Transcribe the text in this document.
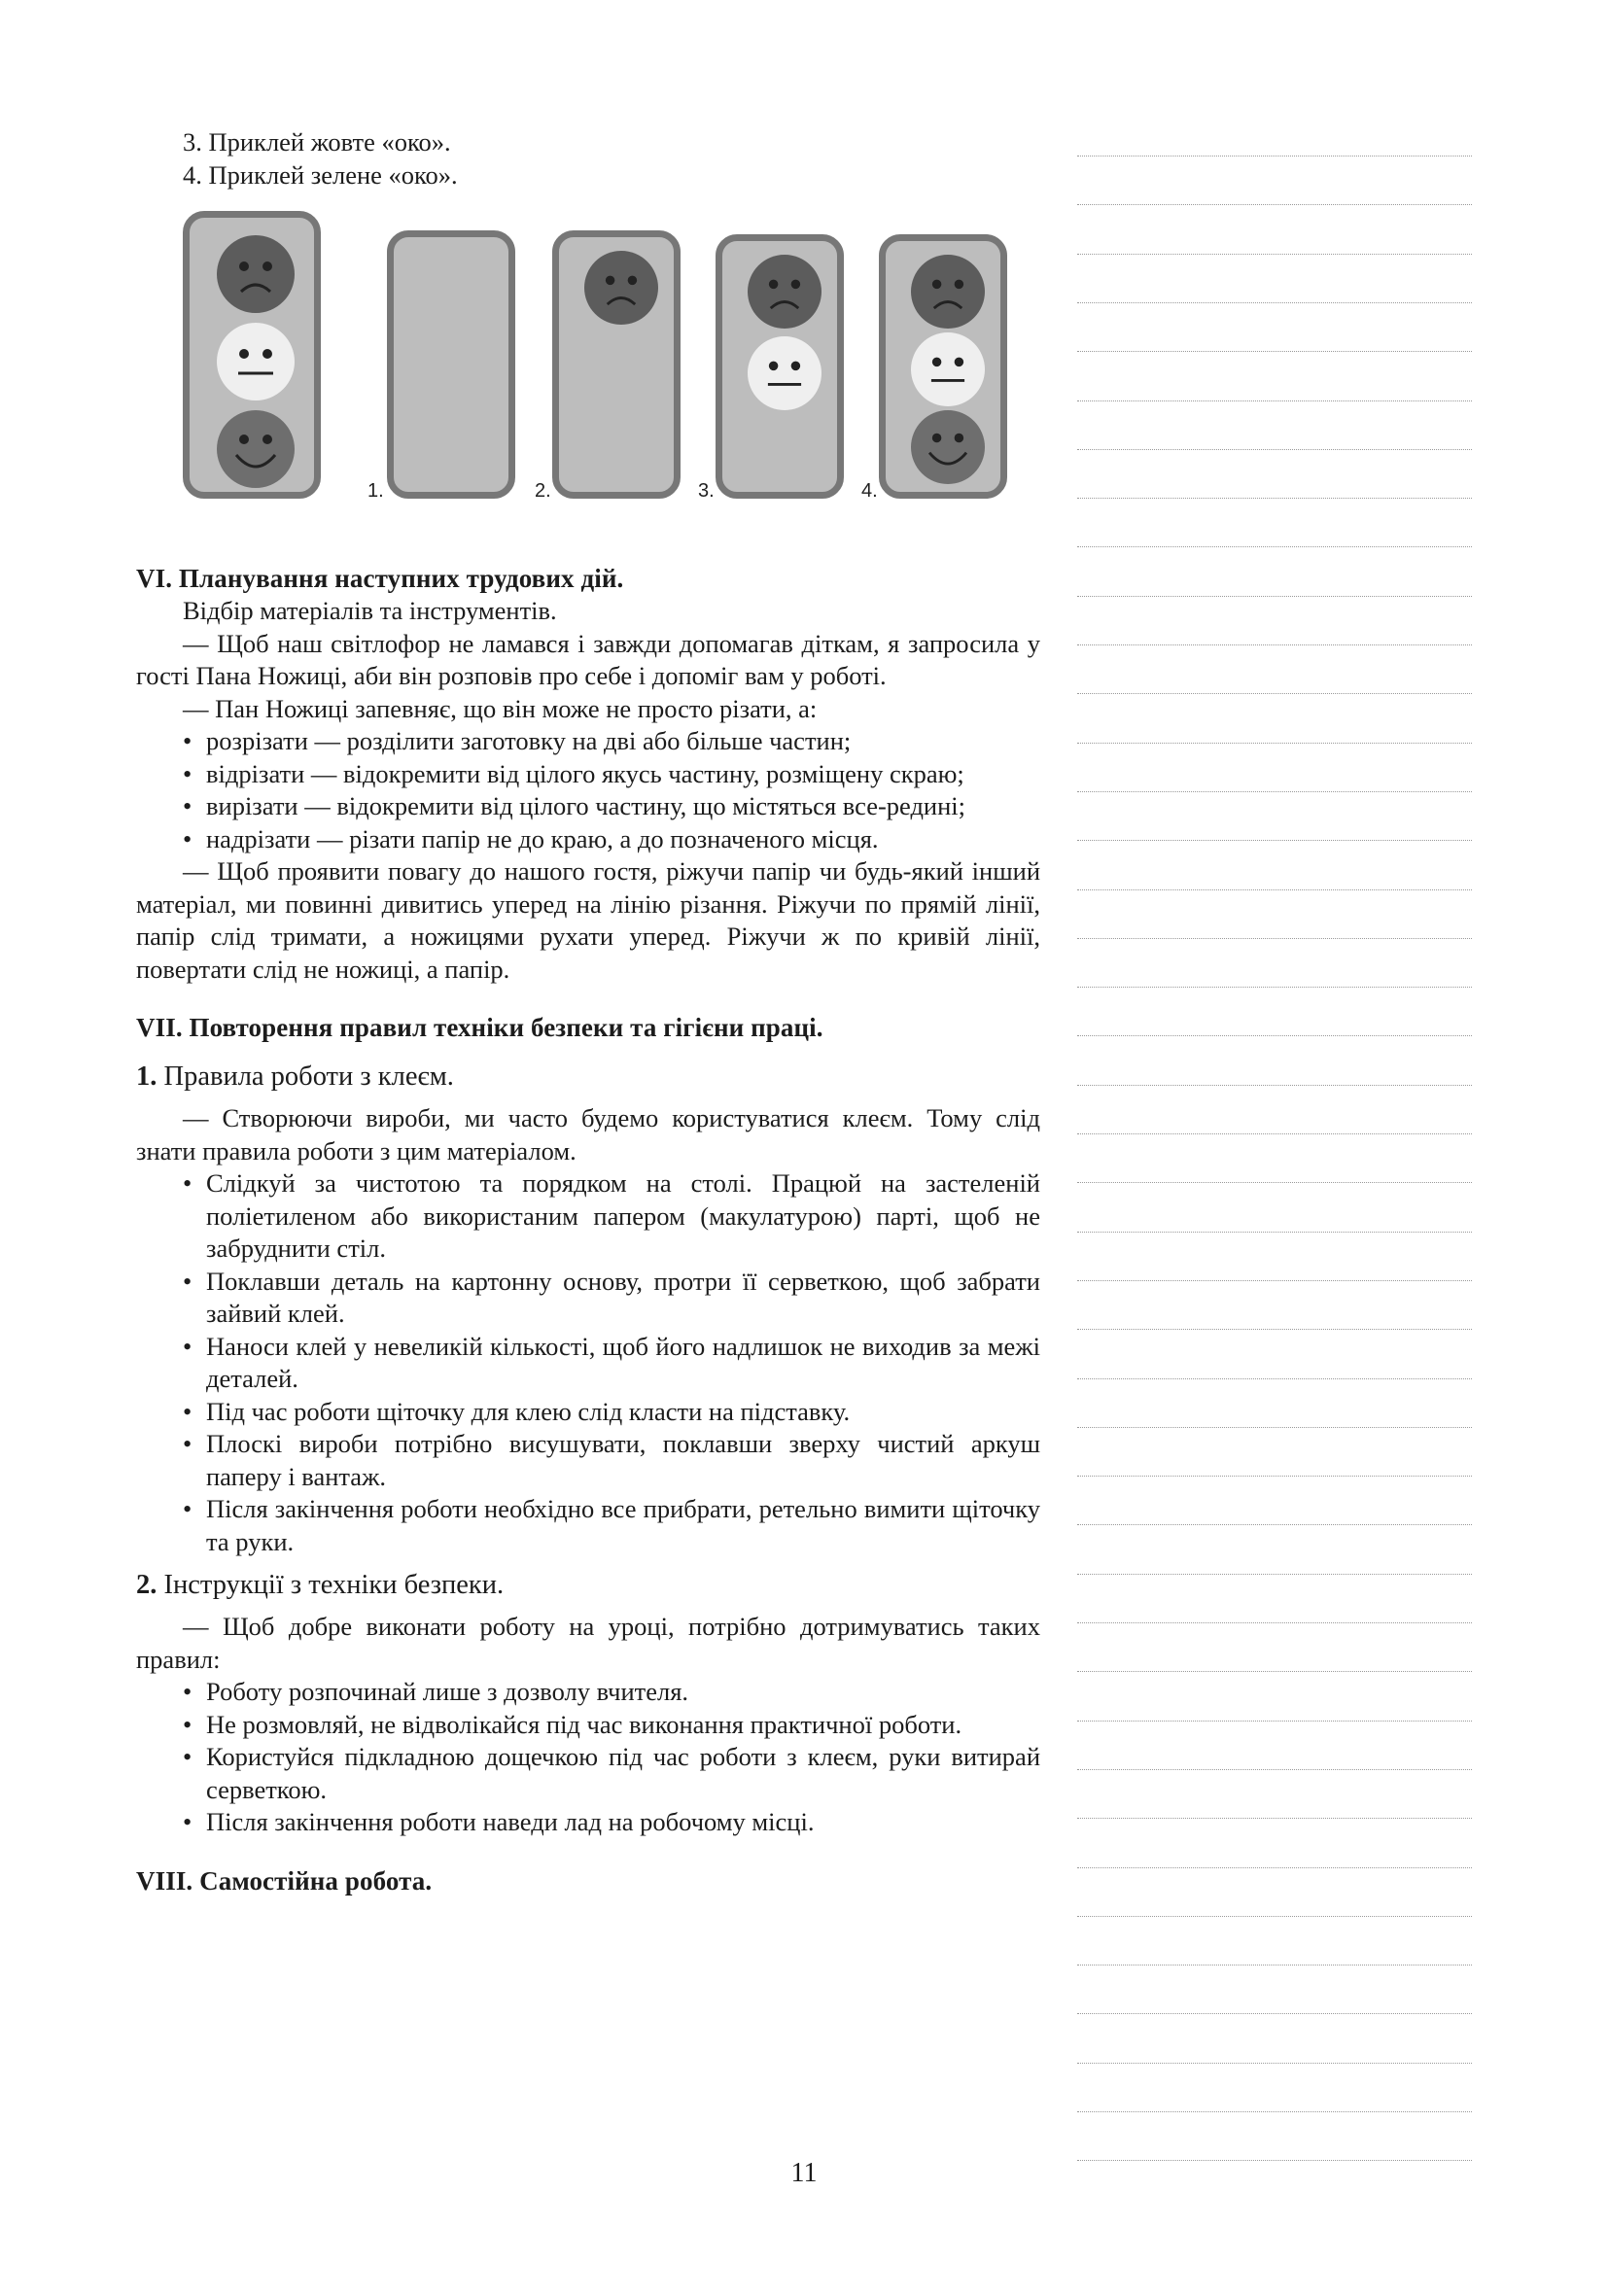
3. Приклей жовте «око».

4. Приклей зелене «око».

1.	2.	3.	4.
VI. Планування наступних трудових дій.

Відбір матеріалів та інструментів.

— Щоб наш світлофор не ламався і завжди допомагав діткам, я запросила у гості Пана Ножиці, аби він розповів про себе і допоміг вам у роботі.

— Пан Ножиці запевняє, що він може не просто різати, а:

• розрізати — розділити заготовку на дві або більше частин;
• відрізати — відокремити від цілого якусь частину, розміщену скраю;
• вирізати — відокремити від цілого частину, що містяться все-редині;
• надрізати — різати папір не до краю, а до позначеного місця.

— Щоб проявити повагу до нашого гостя, ріжучи папір чи будь-який інший матеріал, ми повинні дивитись уперед на лінію різання. Ріжучи по прямій лінії, папір слід тримати, а ножицями рухати уперед. Ріжучи ж по кривій лінії, повертати слід не ножиці, а папір.

VII. Повторення правил техніки безпеки та гігієни праці.

1. Правила роботи з клеєм.

— Створюючи вироби, ми часто будемо користуватися клеєм. Тому слід знати правила роботи з цим матеріалом.

• Слідкуй за чистотою та порядком на столі. Працюй на застеленій поліетиленом або використаним папером (макулатурою) парті, щоб не забруднити стіл.
• Поклавши деталь на картонну основу, протри її серветкою, щоб забрати зайвий клей.
• Наноси клей у невеликій кількості, щоб його надлишок не виходив за межі деталей.
• Під час роботи щіточку для клею слід класти на підставку.
• Плоскі вироби потрібно висушувати, поклавши зверху чистий аркуш паперу і вантаж.
• Після закінчення роботи необхідно все прибрати, ретельно вимити щіточку та руки.

2. Інструкції з техніки безпеки.

— Щоб добре виконати роботу на уроці, потрібно дотримуватись таких правил:

• Роботу розпочинай лише з дозволу вчителя.
• Не розмовляй, не відволікайся під час виконання практичної роботи.
• Користуйся підкладною дощечкою під час роботи з клеєм, руки витирай серветкою.
• Після закінчення роботи наведи лад на робочому місці.
VIII. Самостійна робота.
11
